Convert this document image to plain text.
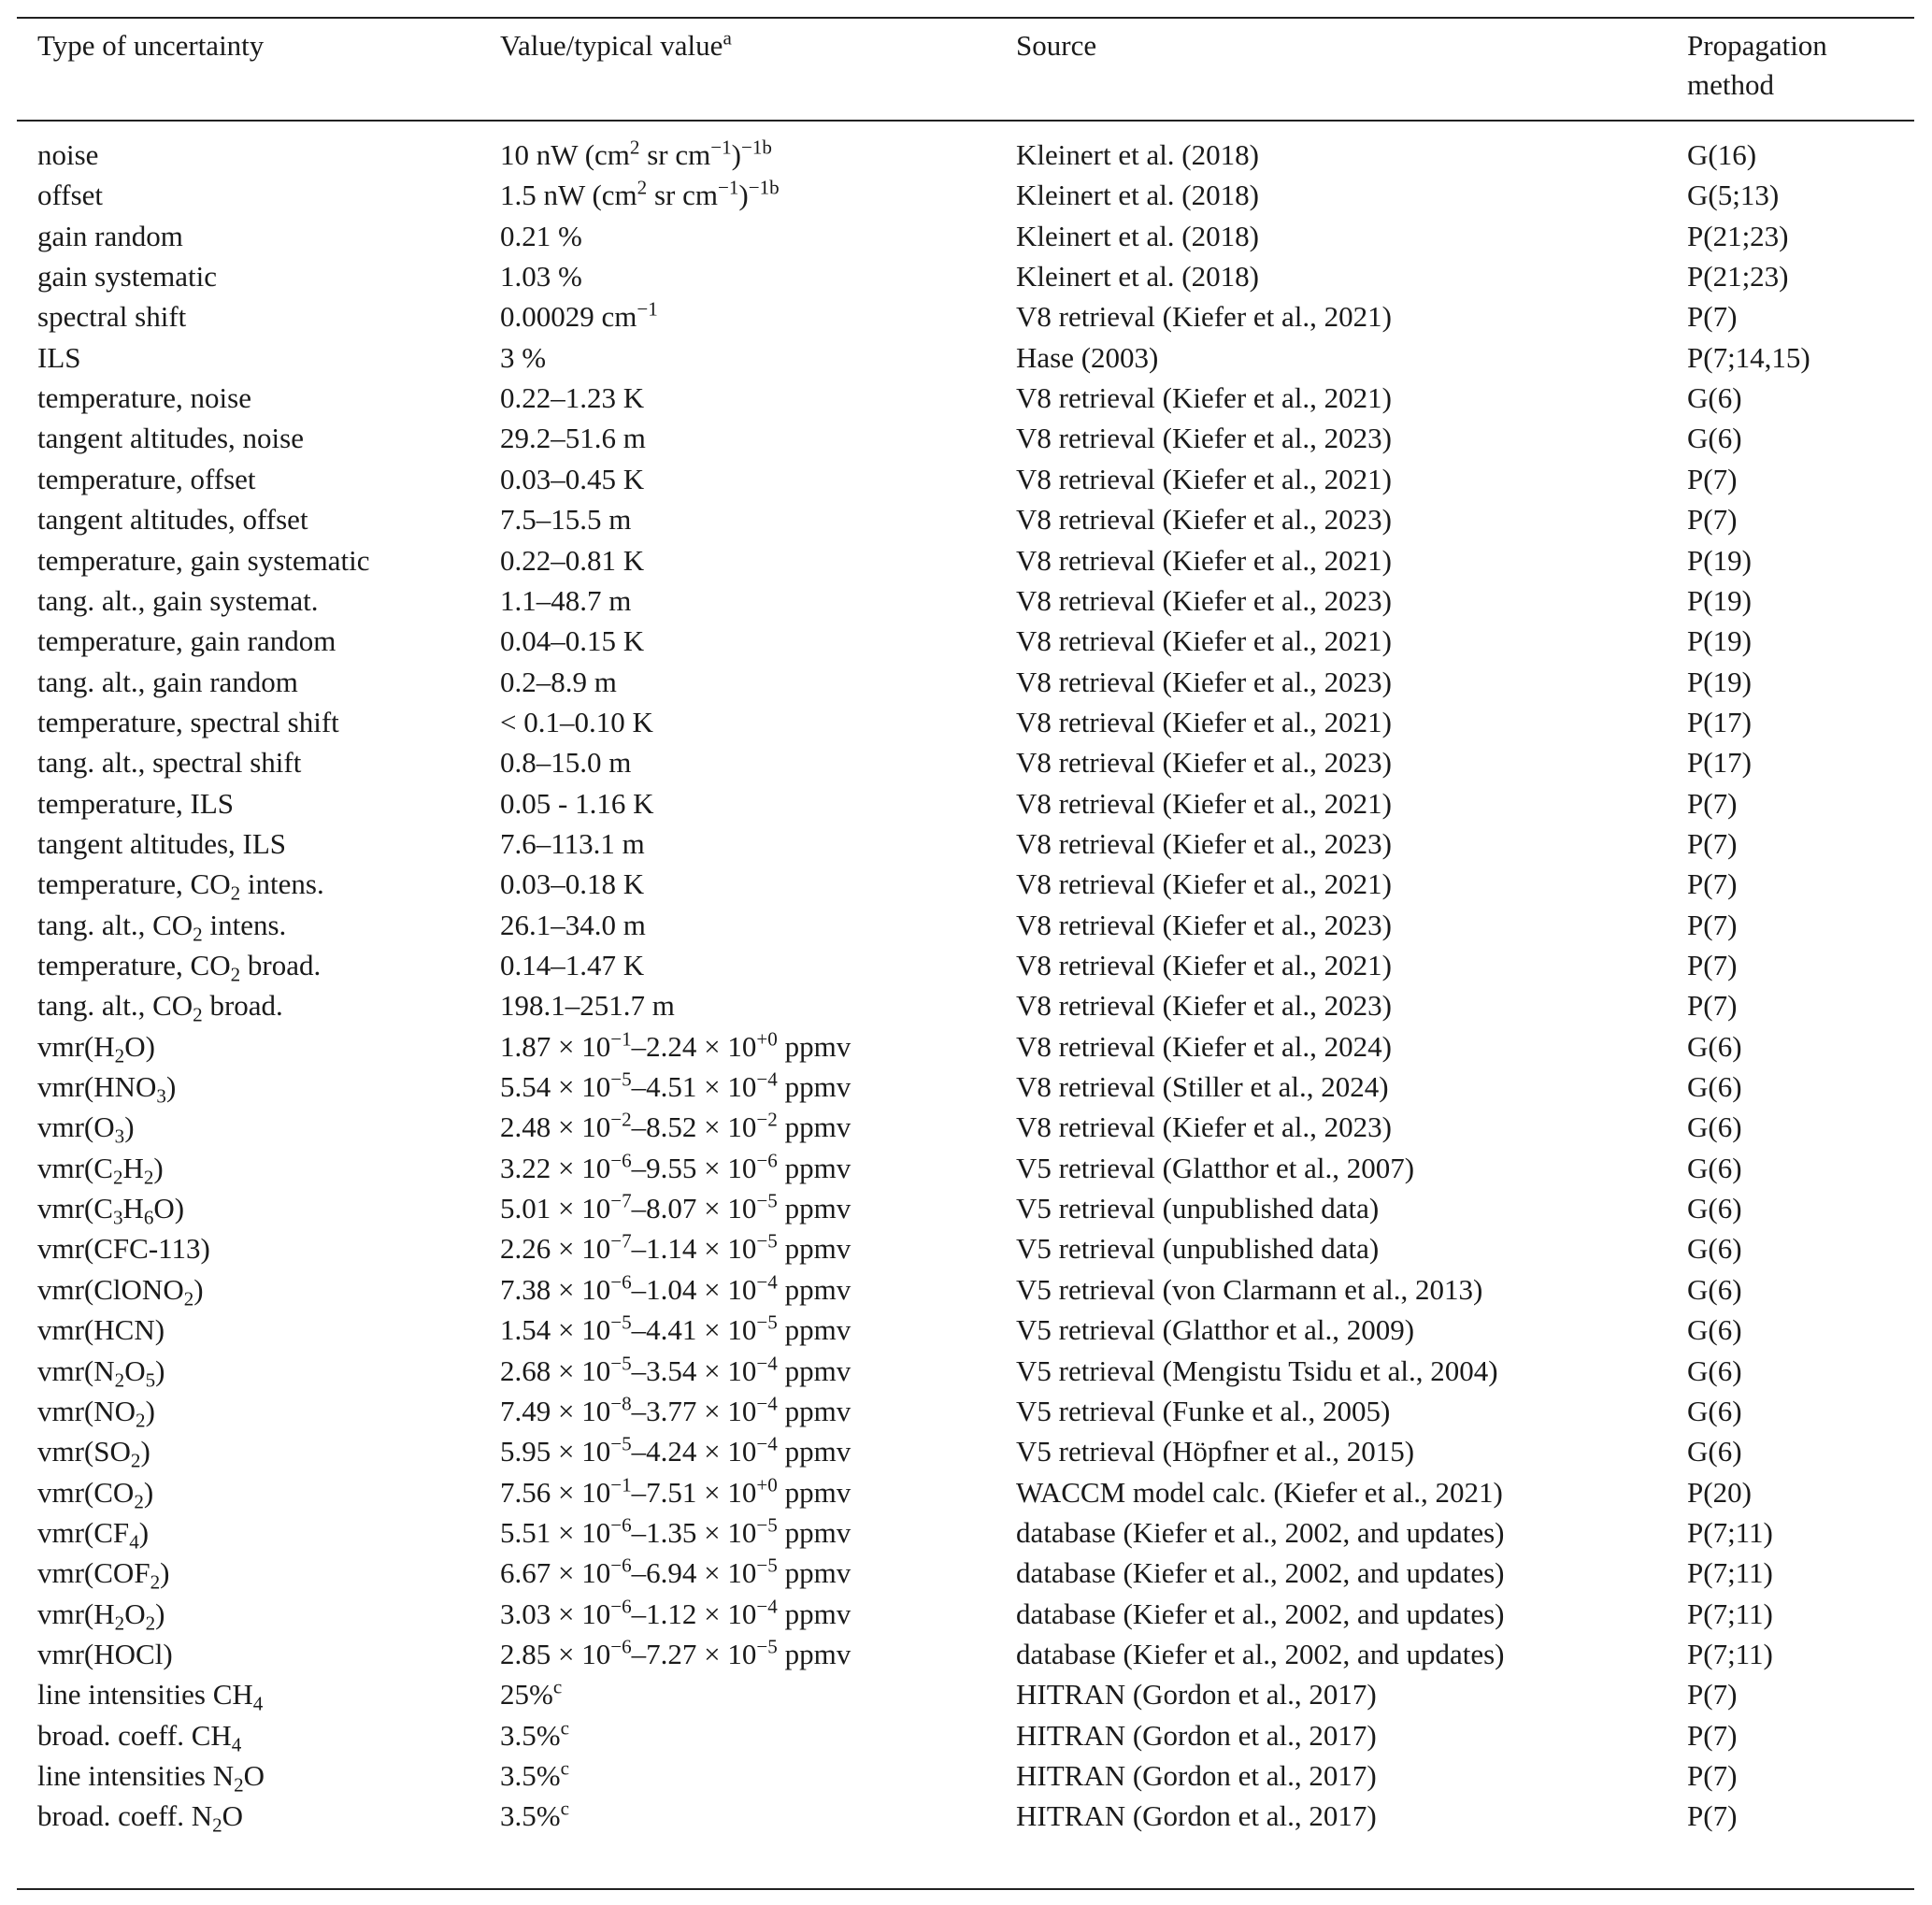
Type of uncertainty	Value/typical value$^a$	Source	Propagation method
noise	10 nW ($cm^2$ sr $cm^{-1})^{-1b}$	Kleinert et al. (2018)	G(16)
offset	1.5 nW ($cm^2$ sr $cm^{-1})^{-1b}$	Kleinert et al. (2018)	G(5;13)
gain random	0.21 %	Kleinert et al. (2018)	P(21;23)
gain systematic	1.03 %	Kleinert et al. (2018)	P(21;23)
spectral shift	0.00029 $cm^{-1}$	V8 retrieval (Kiefer et al., 2021)	P(7)
ILS	3 %	Hase (2003)	P(7;14,15)
temperature, noise	0.22–1.23 K	V8 retrieval (Kiefer et al., 2021)	G(6)
tangent altitudes, noise	29.2–51.6 m	V8 retrieval (Kiefer et al., 2023)	G(6)
temperature, offset	0.03–0.45 K	V8 retrieval (Kiefer et al., 2021)	P(7)
tangent altitudes, offset	7.5–15.5 m	V8 retrieval (Kiefer et al., 2023)	P(7)
temperature, gain systematic	0.22–0.81 K	V8 retrieval (Kiefer et al., 2021)	P(19)
tang. alt., gain systemat.	1.1–48.7 m	V8 retrieval (Kiefer et al., 2023)	P(19)
temperature, gain random	0.04–0.15 K	V8 retrieval (Kiefer et al., 2021)	P(19)
tang. alt., gain random	0.2–8.9 m	V8 retrieval (Kiefer et al., 2023)	P(19)
temperature, spectral shift	< 0.1–0.10 K	V8 retrieval (Kiefer et al., 2021)	P(17)
tang. alt., spectral shift	0.8–15.0 m	V8 retrieval (Kiefer et al., 2023)	P(17)
temperature, ILS	0.05 - 1.16 K	V8 retrieval (Kiefer et al., 2021)	P(7)
tangent altitudes, ILS	7.6–113.1 m	V8 retrieval (Kiefer et al., 2023)	P(7)
temperature, $CO_2$ intens.	0.03–0.18 K	V8 retrieval (Kiefer et al., 2021)	P(7)
tang. alt., $CO_2$ intens.	26.1–34.0 m	V8 retrieval (Kiefer et al., 2023)	P(7)
temperature, $CO_2$ broad.	0.14–1.47 K	V8 retrieval (Kiefer et al., 2021)	P(7)
tang. alt., $CO_2$ broad.	198.1–251.7 m	V8 retrieval (Kiefer et al., 2023)	P(7)
$vmr(H_2O)$	$1.87 \times 10^{-1}-2.24 \times 10^{+0}$ ppmv	V8 retrieval (Kiefer et al., 2024)	G(6)
$vmr(HNO_3)$	$5.54 \times 10^{-5}-4.51 \times 10^{-4}$ ppmv	V8 retrieval (Stiller et al., 2024)	G(6)
$vmr(O_3)$	$2.48 \times 10^{-2}-8.52 \times 10^{-2}$ ppmv	V8 retrieval (Kiefer et al., 2023)	G(6)
$vmr(C_2H_2)$	$3.22 \times 10^{-6}-9.55 \times 10^{-6}$ ppmv	V5 retrieval (Glatthor et al., 2007)	G(6)
$vmr(C_3H_6O)$	$5.01 \times 10^{-7}-8.07 \times 10^{-5}$ ppmv	V5 retrieval (unpublished data)	G(6)
vmr(CFC-113)	$2.26 \times 10^{-7}-1.14 \times 10^{-5}$ ppmv	V5 retrieval (unpublished data)	G(6)
vmr(ClONO$_2$)	$7.38 \times 10^{-6}-1.04 \times 10^{-4}$ ppmv	V5 retrieval (von Clarmann et al., 2013)	G(6)
vmr(HCN)	$1.54 \times 10^{-5}-4.41 \times 10^{-5}$ ppmv	V5 retrieval (Glatthor et al., 2009)	G(6)
$vmr(N_2O_5)$	$2.68 \times 10^{-5}-3.54 \times 10^{-4}$ ppmv	V5 retrieval (Mengistu Tsidu et al., 2004)	G(6)
$vmr(NO_2)$	$7.49 \times 10^{-8}-3.77 \times 10^{-4}$ ppmv	V5 retrieval (Funke et al., 2005)	G(6)
$vmr(SO_2)$	$5.95 \times 10^{-5}-4.24 \times 10^{-4}$ ppmv	V5 retrieval (Höpfner et al., 2015)	G(6)
$vmr(CO_2)$	$7.56 \times 10^{-1}-7.51 \times 10^{+0}$ ppmv	WACCM model calc. (Kiefer et al., 2021)	P(20)
$vmr(CF_4)$	$5.51 \times 10^{-6}-1.35 \times 10^{-5}$ ppmv	database (Kiefer et al., 2002, and updates)	P(7;11)
$vmr(COF_2)$	$6.67 \times 10^{-6}-6.94 \times 10^{-5}$ ppmv	database (Kiefer et al., 2002, and updates)	P(7;11)
$vmr(H_2O_2)$	$3.03 \times 10^{-6}-1.12 \times 10^{-4}$ ppmv	database (Kiefer et al., 2002, and updates)	P(7;11)
vmr(HOCl)	$2.85 \times 10^{-6}-7.27 \times 10^{-5}$ ppmv	database (Kiefer et al., 2002, and updates)	P(7;11)
line intensities $CH_4$	25%$^c$	HITRAN (Gordon et al., 2017)	P(7)
broad. coeff. $CH_4$	3.5%$^c$	HITRAN (Gordon et al., 2017)	P(7)
line intensities $N_2O$	3.5%$^c$	HITRAN (Gordon et al., 2017)	P(7)
broad. coeff. $N_2O$	3.5%$^c$	HITRAN (Gordon et al., 2017)	P(7)
